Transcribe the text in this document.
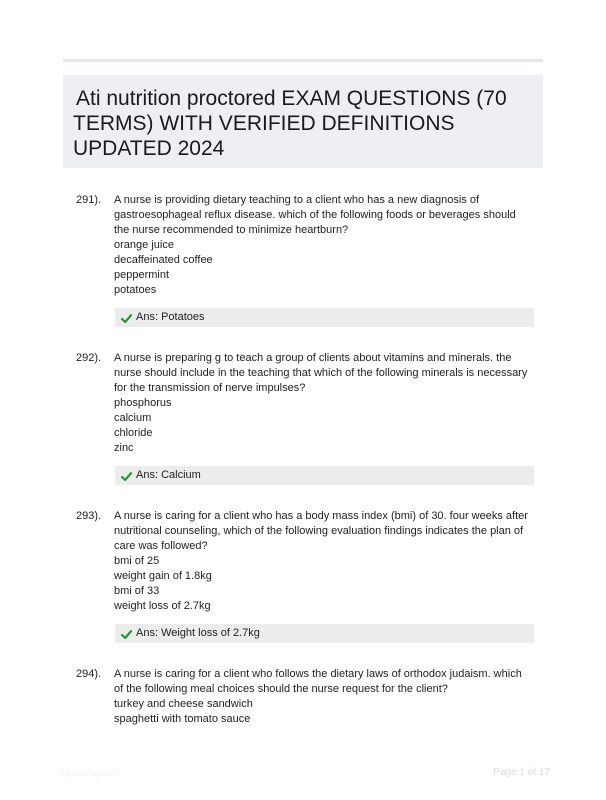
Ati nutrition proctored EXAM QUESTIONS (70 TERMS) WITH VERIFIED DEFINITIONS UPDATED 2024
291). A nurse is providing dietary teaching to a client who has a new diagnosis of gastroesophageal reflux disease. which of the following foods or beverages should the nurse recommended to minimize heartburn?
orange juice
decaffeinated coffee
peppermint
potatoes
Ans: Potatoes
292). A nurse is preparing g to teach a group of clients about vitamins and minerals. the nurse should include in the teaching that which of the following minerals is necessary for the transmission of nerve impulses?
phosphorus
calcium
chloride
zinc
Ans: Calcium
293). A nurse is caring for a client who has a body mass index (bmi) of 30. four weeks after nutritional counseling, which of the following evaluation findings indicates the plan of care was followed?
bmi of 25
weight gain of 1.8kg
bmi of 33
weight loss of 2.7kg
Ans: Weight loss of 2.7kg
294). A nurse is caring for a client who follows the dietary laws of orthodox judaism. which of the following meal choices should the nurse request for the client?
turkey and cheese sandwich
spaghetti with tomato sauce
Paperblog.com	Page 1 of 17
